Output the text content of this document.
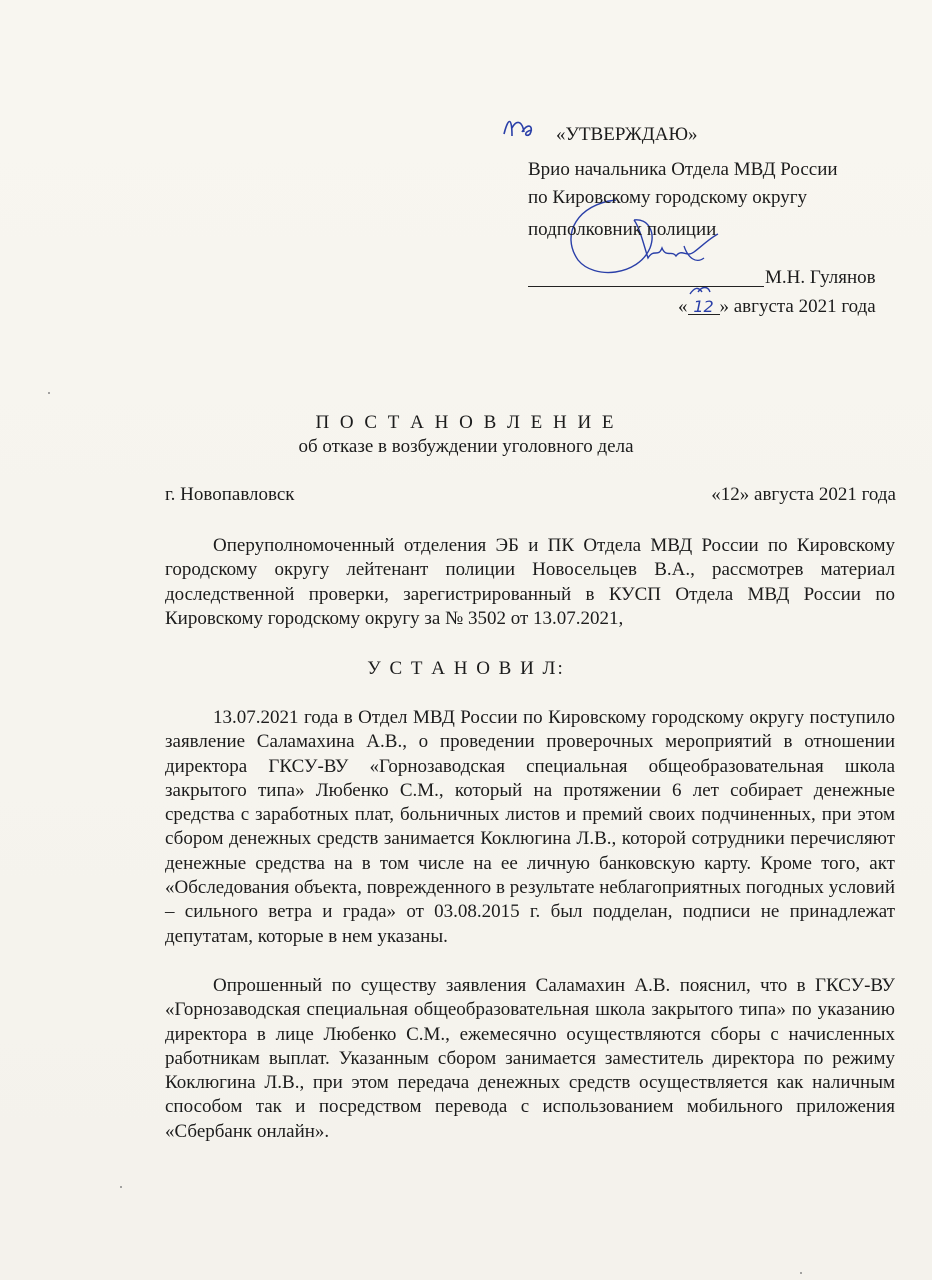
«УТВЕРЖДАЮ»
Врио начальника Отдела МВД России
по Кировскому городскому округу
подполковник полиции
М.Н. Гулянов
« 12 » августа 2021 года
П О С Т А Н О В Л Е Н И Е
об отказе в возбуждении уголовного дела
г. Новопавловск	«12» августа 2021 года

Оперуполномоченный отделения ЭБ и ПК Отдела МВД России по Кировскому городскому округу лейтенант полиции Новосельцев В.А., рассмотрев материал доследственной проверки, зарегистрированный в КУСП Отдела МВД России по Кировскому городскому округу за № 3502 от 13.07.2021,

У С Т А Н О В И Л:

13.07.2021 года в Отдел МВД России по Кировскому городскому округу поступило заявление Саламахина А.В., о проведении проверочных мероприятий в отношении директора ГКСУ-ВУ «Горнозаводская специальная общеобразовательная школа закрытого типа» Любенко С.М., который на протяжении 6 лет собирает денежные средства с заработных плат, больничных листов и премий своих подчиненных, при этом сбором денежных средств занимается Коклюгина Л.В., которой сотрудники перечисляют денежные средства на в том числе на ее личную банковскую карту. Кроме того, акт «Обследования объекта, поврежденного в результате неблагоприятных погодных условий – сильного ветра и града» от 03.08.2015 г. был подделан, подписи не принадлежат депутатам, которые в нем указаны.

Опрошенный по существу заявления Саламахин А.В. пояснил, что в ГКСУ-ВУ «Горнозаводская специальная общеобразовательная школа закрытого типа» по указанию директора в лице Любенко С.М., ежемесячно осуществляются сборы с начисленных работникам выплат. Указанным сбором занимается заместитель директора по режиму Коклюгина Л.В., при этом передача денежных средств осуществляется как наличным способом так и посредством перевода с использованием мобильного приложения «Сбербанк онлайн».
